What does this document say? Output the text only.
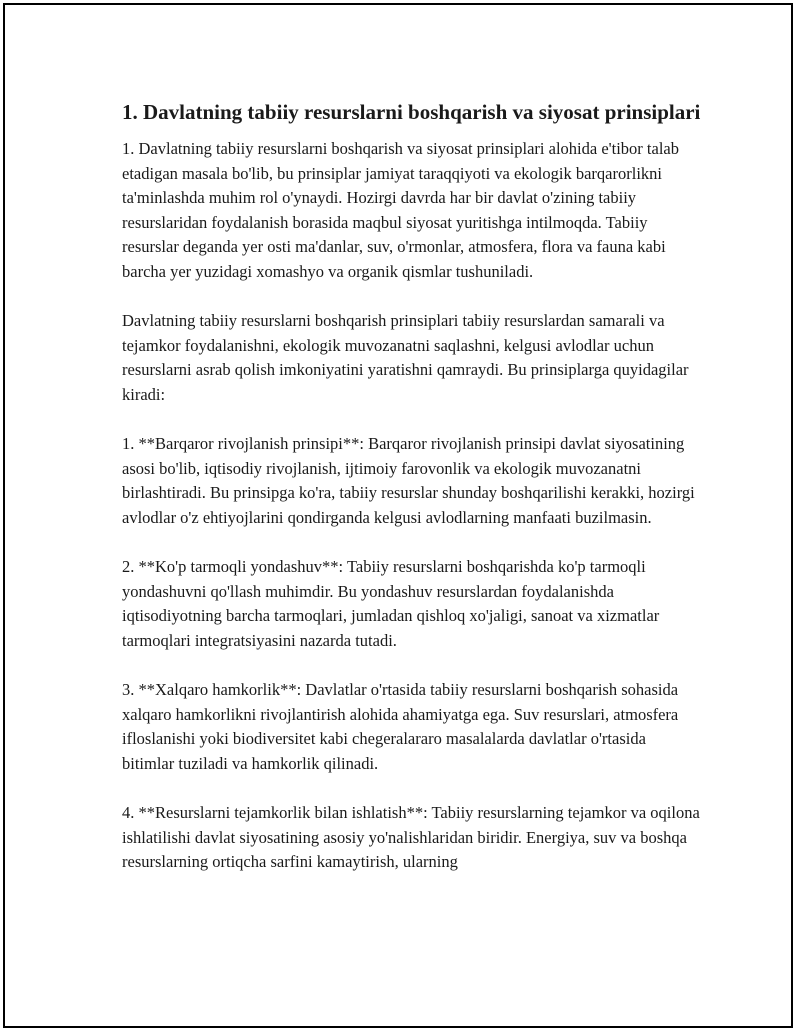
1. Davlatning tabiiy resurslarni boshqarish va siyosat prinsiplari

1. Davlatning tabiiy resurslarni boshqarish va siyosat prinsiplari alohida e'tibor talab etadigan masala bo'lib, bu prinsiplar jamiyat taraqqiyoti va ekologik barqarorlikni ta'minlashda muhim rol o'ynaydi. Hozirgi davrda har bir davlat o'zining tabiiy resurslaridan foydalanish borasida maqbul siyosat yuritishga intilmoqda. Tabiiy resurslar deganda yer osti ma'danlar, suv, o'rmonlar, atmosfera, flora va fauna kabi barcha yer yuzidagi xomashyo va organik qismlar tushuniladi.

Davlatning tabiiy resurslarni boshqarish prinsiplari tabiiy resurslardan samarali va tejamkor foydalanishni, ekologik muvozanatni saqlashni, kelgusi avlodlar uchun resurslarni asrab qolish imkoniyatini yaratishni qamraydi. Bu prinsiplarga quyidagilar kiradi:

1. **Barqaror rivojlanish prinsipi**: Barqaror rivojlanish prinsipi davlat siyosatining asosi bo'lib, iqtisodiy rivojlanish, ijtimoiy farovonlik va ekologik muvozanatni birlashtiradi. Bu prinsipga ko'ra, tabiiy resurslar shunday boshqarilishi kerakki, hozirgi avlodlar o'z ehtiyojlarini qondirganda kelgusi avlodlarning manfaati buzilmasin.

2. **Ko'p tarmoqli yondashuv**: Tabiiy resurslarni boshqarishda ko'p tarmoqli yondashuvni qo'llash muhimdir. Bu yondashuv resurslardan foydalanishda iqtisodiyotning barcha tarmoqlari, jumladan qishloq xo'jaligi, sanoat va xizmatlar tarmoqlari integratsiyasini nazarda tutadi.

3. **Xalqaro hamkorlik**: Davlatlar o'rtasida tabiiy resurslarni boshqarish sohasida xalqaro hamkorlikni rivojlantirish alohida ahamiyatga ega. Suv resurslari, atmosfera ifloslanishi yoki biodiversitet kabi chegeralararo masalalarda davlatlar o'rtasida bitimlar tuziladi va hamkorlik qilinadi.

4. **Resurslarni tejamkorlik bilan ishlatish**: Tabiiy resurslarning tejamkor va oqilona ishlatilishi davlat siyosatining asosiy yo'nalishlaridan biridir. Energiya, suv va boshqa resurslarning ortiqcha sarfini kamaytirish, ularning
